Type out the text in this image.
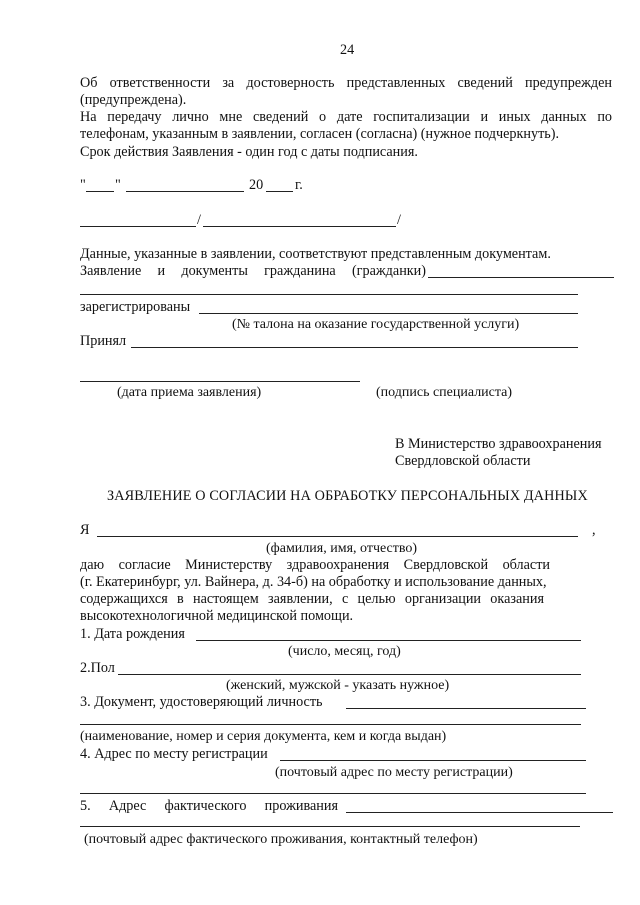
24
Об ответственности за достоверность представленных сведений предупрежден
(предупреждена).
На передачу лично мне сведений о дате госпитализации и иных данных по
телефонам, указанным в заявлении, согласен (согласна) (нужное подчеркнуть).
Срок действия Заявления - один год с даты подписания.
" "	20 г.
/	/
Данные, указанные в заявлении, соответствуют представленным документам.
Заявление и документы гражданина (гражданки)
зарегистрированы
(№ талона на оказание государственной услуги)
Принял
(дата приема заявления)	(подпись специалиста)
В Министерство здравоохранения
Свердловской области
ЗАЯВЛЕНИЕ О СОГЛАСИИ НА ОБРАБОТКУ ПЕРСОНАЛЬНЫХ ДАННЫХ
Я	,
(фамилия, имя, отчество)
даю согласие Министерству здравоохранения Свердловской области
(г. Екатеринбург, ул. Вайнера, д. 34-б) на обработку и использование данных,
содержащихся в настоящем заявлении, с целью организации оказания
высокотехнологичной медицинской помощи.
1. Дата рождения
(число, месяц, год)
2.Пол
(женский, мужской - указать нужное)
3. Документ, удостоверяющий личность
(наименование, номер и серия документа, кем и когда выдан)
4. Адрес по месту регистрации
(почтовый адрес по месту регистрации)
5. Адрес фактического проживания
(почтовый адрес фактического проживания, контактный телефон)
